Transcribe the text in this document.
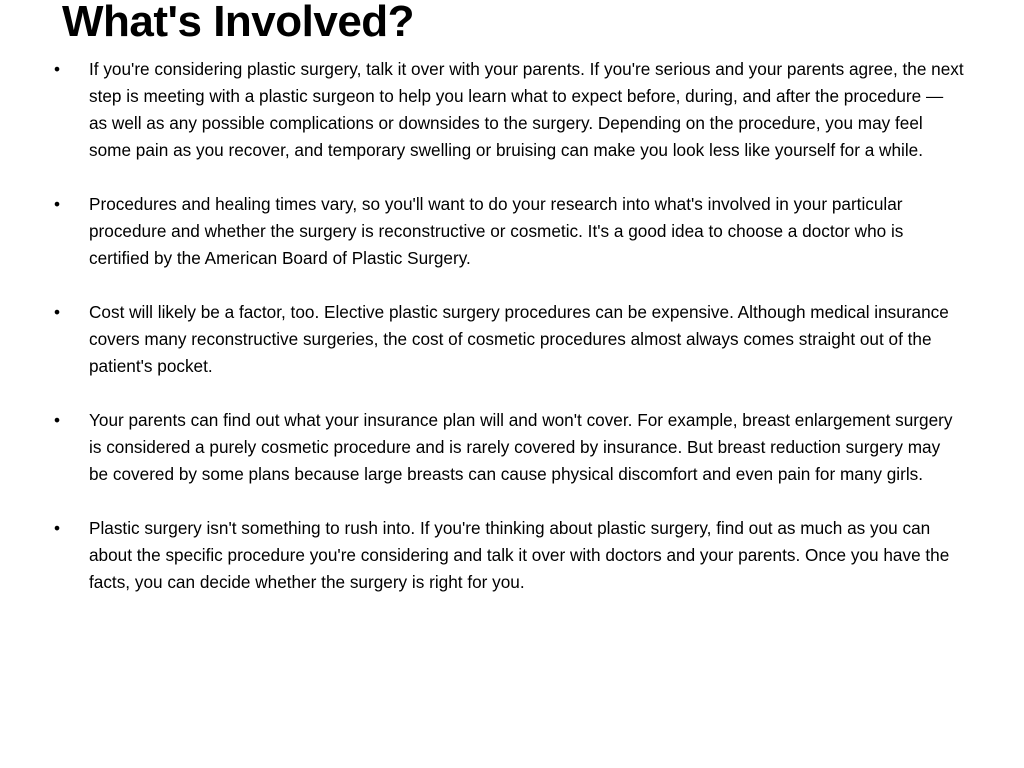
What's Involved?
• If you're considering plastic surgery, talk it over with your parents. If you're serious and your parents agree, the next step is meeting with a plastic surgeon to help you learn what to expect before, during, and after the procedure — as well as any possible complications or downsides to the surgery. Depending on the procedure, you may feel some pain as you recover, and temporary swelling or bruising can make you look less like yourself for a while.
• Procedures and healing times vary, so you'll want to do your research into what's involved in your particular procedure and whether the surgery is reconstructive or cosmetic. It's a good idea to choose a doctor who is certified by the American Board of Plastic Surgery.
• Cost will likely be a factor, too. Elective plastic surgery procedures can be expensive. Although medical insurance covers many reconstructive surgeries, the cost of cosmetic procedures almost always comes straight out of the patient's pocket.
• Your parents can find out what your insurance plan will and won't cover. For example, breast enlargement surgery is considered a purely cosmetic procedure and is rarely covered by insurance. But breast reduction surgery may be covered by some plans because large breasts can cause physical discomfort and even pain for many girls.
• Plastic surgery isn't something to rush into. If you're thinking about plastic surgery, find out as much as you can about the specific procedure you're considering and talk it over with doctors and your parents. Once you have the facts, you can decide whether the surgery is right for you.
